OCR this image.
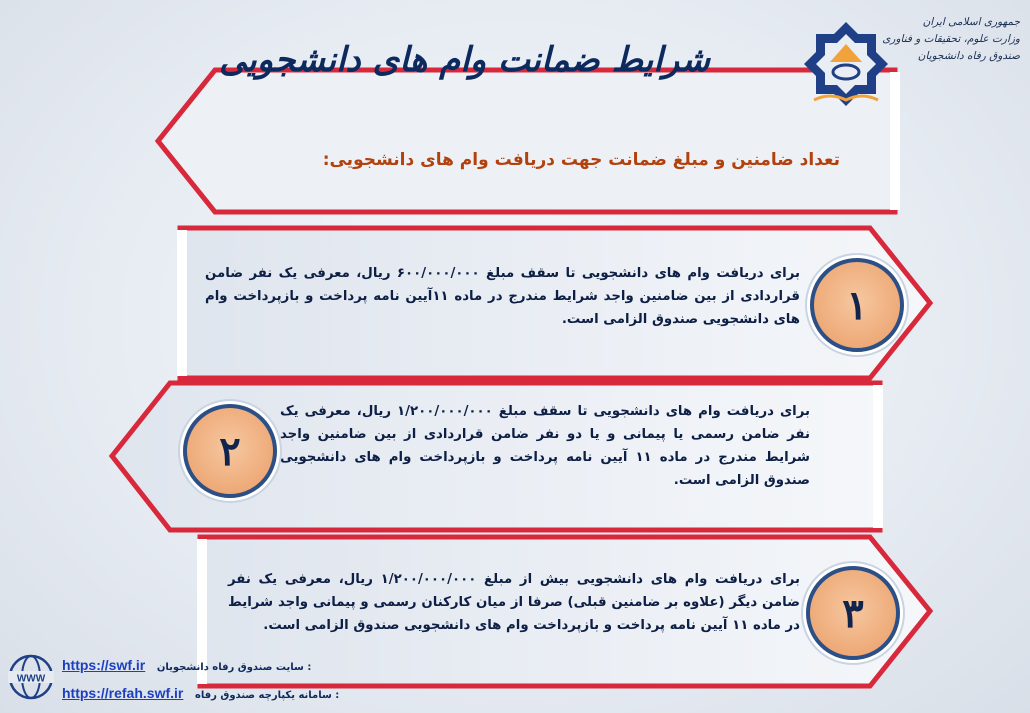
شرایط ضمانت وام های دانشجویی
جمهوری اسلامی ایران
وزارت علوم، تحقیقات و فناوری
صندوق رفاه دانشجویان
تعداد ضامنین و مبلغ ضمانت جهت دریافت وام های دانشجویی:
برای دریافت وام های دانشجویی تا سقف مبلغ ۶۰۰/۰۰۰/۰۰۰ ریال، معرفی یک نفر ضامن قراردادی از بین ضامنین واجد شرایط مندرج در ماده ۱۱آیین نامه پرداخت و بازپرداخت وام های دانشجویی صندوق الزامی است.	۱
برای دریافت وام های دانشجویی تا سقف مبلغ ۱/۲۰۰/۰۰۰/۰۰۰ ریال، معرفی یک نفر ضامن رسمی یا پیمانی و یا دو نفر ضامن قراردادی از بین ضامنین واجد شرایط مندرج در ماده ۱۱ آیین نامه پرداخت و بازپرداخت وام های دانشجویی صندوق الزامی است.
۲
برای دریافت وام های دانشجویی بیش از مبلغ ۱/۲۰۰/۰۰۰/۰۰۰ ریال، معرفی یک نفر ضامن دیگر (علاوه بر ضامنین قبلی) صرفا از میان کارکنان رسمی و پیمانی واجد شرایط در ماده ۱۱ آیین نامه پرداخت و بازپرداخت وام های دانشجویی صندوق الزامی است.	۳
WWW
: سایت صندوق رفاه دانشجویان https://swf.ir
: سامانه یکپارچه صندوق رفاه https://refah.swf.ir
